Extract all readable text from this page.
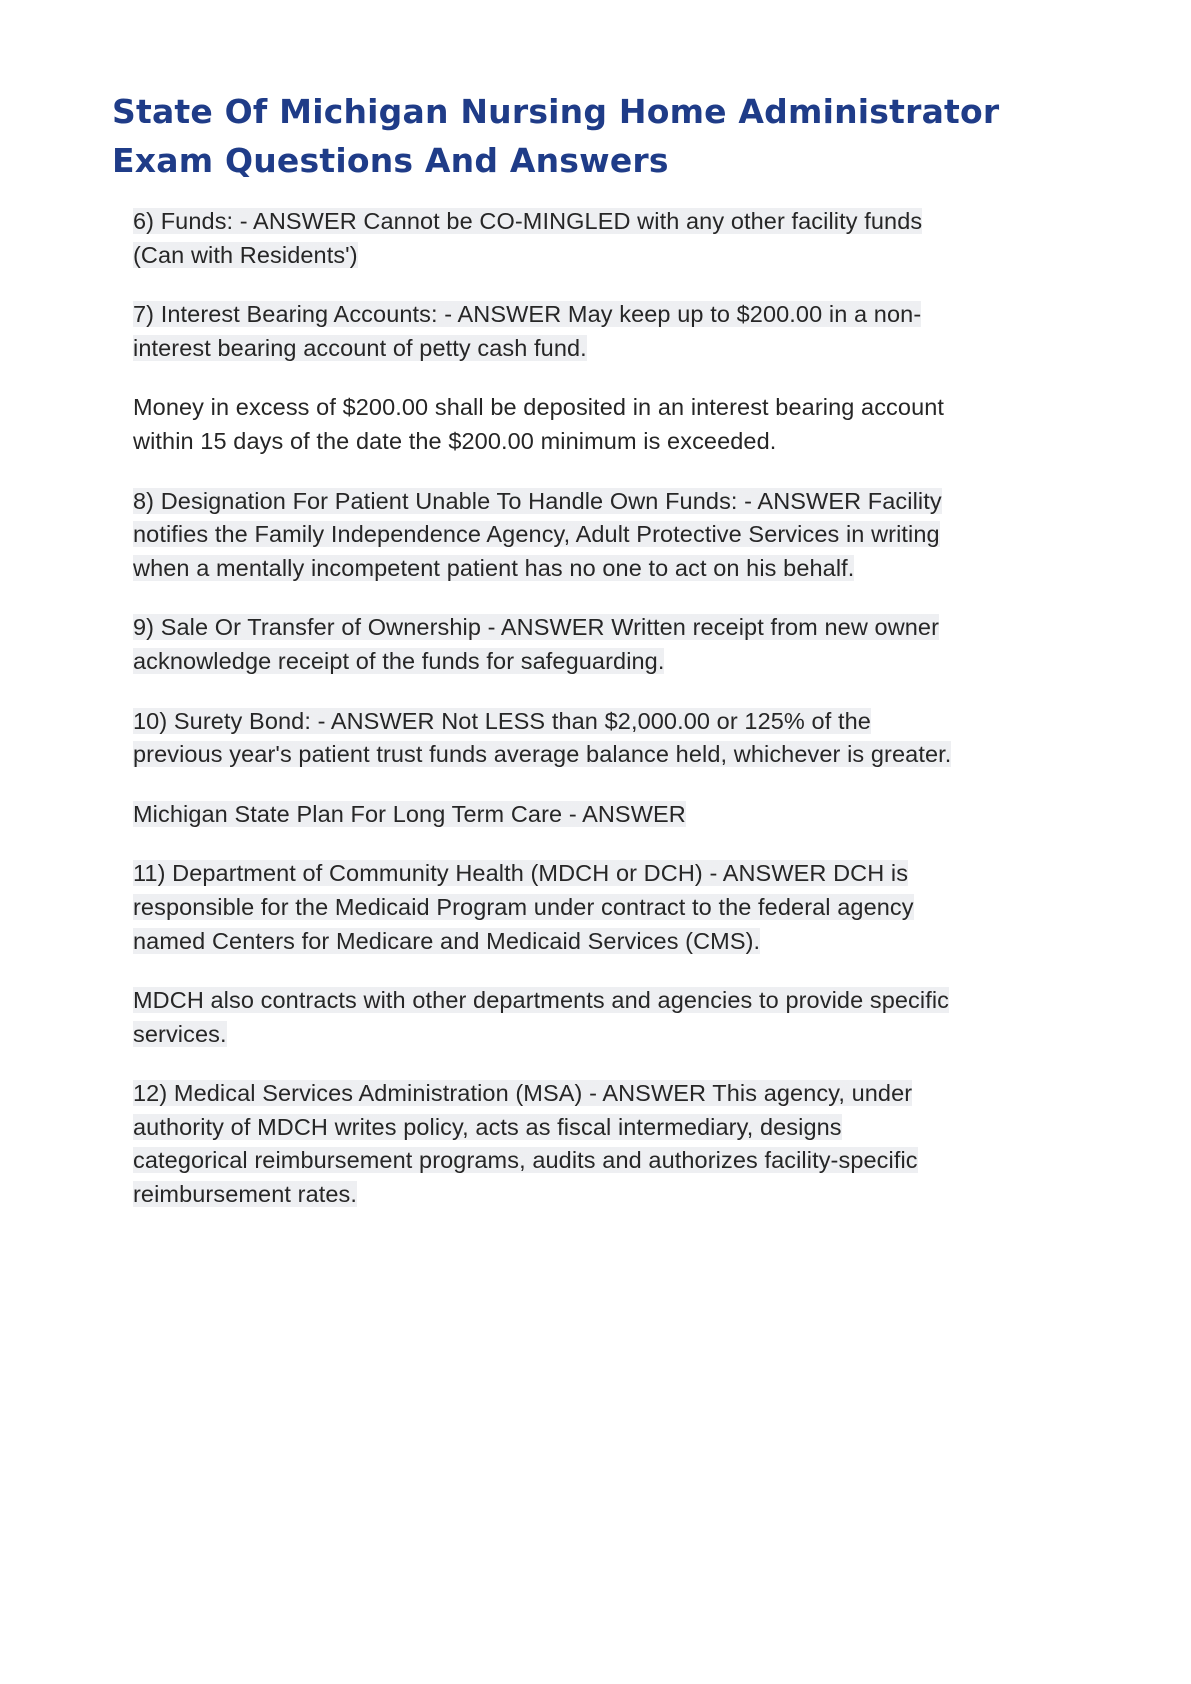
State Of Michigan Nursing Home Administrator Exam Questions And Answers

6) Funds: - ANSWER Cannot be CO-MINGLED with any other facility funds (Can with Residents')

7) Interest Bearing Accounts: - ANSWER May keep up to $200.00 in a non-interest bearing account of petty cash fund.

Money in excess of $200.00 shall be deposited in an interest bearing account within 15 days of the date the $200.00 minimum is exceeded.

8) Designation For Patient Unable To Handle Own Funds: - ANSWER Facility notifies the Family Independence Agency, Adult Protective Services in writing when a mentally incompetent patient has no one to act on his behalf.

9) Sale Or Transfer of Ownership - ANSWER Written receipt from new owner acknowledge receipt of the funds for safeguarding.

10) Surety Bond: - ANSWER Not LESS than $2,000.00 or 125% of the previous year's patient trust funds average balance held, whichever is greater.

Michigan State Plan For Long Term Care - ANSWER

11) Department of Community Health (MDCH or DCH) - ANSWER DCH is responsible for the Medicaid Program under contract to the federal agency named Centers for Medicare and Medicaid Services (CMS).

MDCH also contracts with other departments and agencies to provide specific services.

12) Medical Services Administration (MSA) - ANSWER This agency, under authority of MDCH writes policy, acts as fiscal intermediary, designs categorical reimbursement programs, audits and authorizes facility-specific reimbursement rates.
